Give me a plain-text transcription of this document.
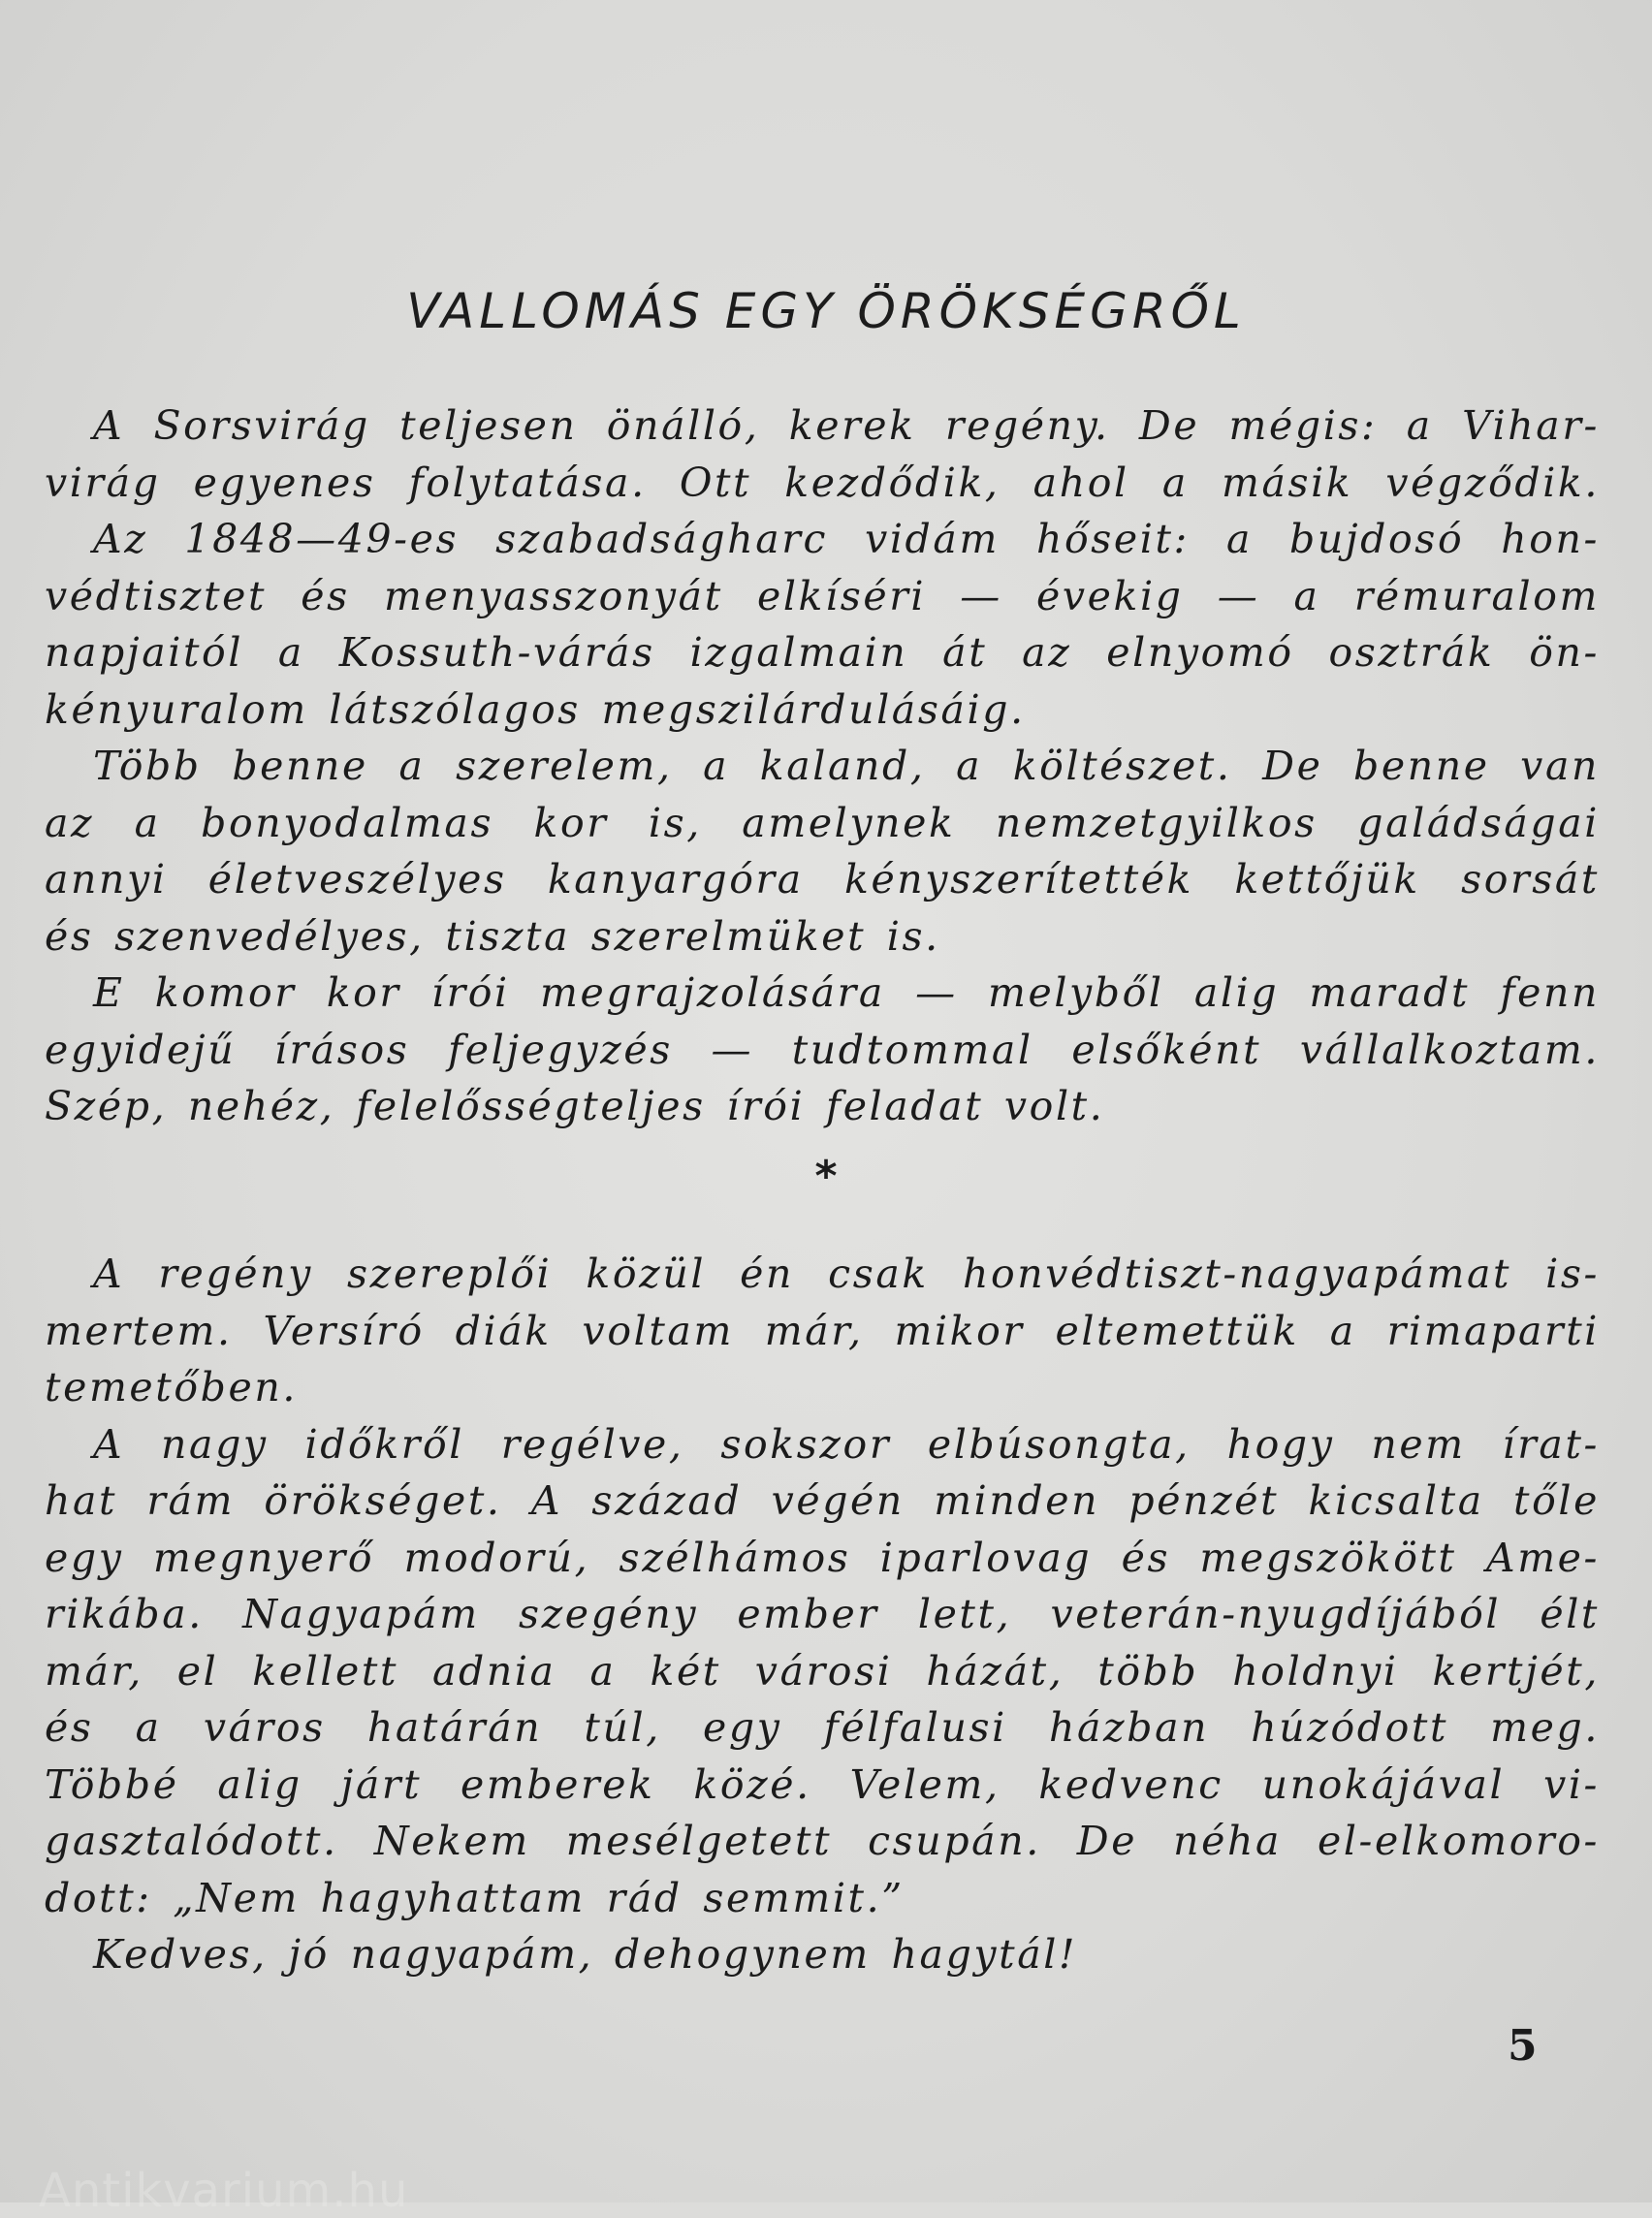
VALLOMÁS EGY ÖRÖKSÉGRŐL
A Sorsvirág teljesen önálló, kerek regény. De mégis: a Vihar-
virág egyenes folytatása. Ott kezdődik, ahol a másik végződik.
Az 1848—49-es szabadságharc vidám hőseit: a bujdosó hon-
védtisztet és menyasszonyát elkíséri — évekig — a rémuralom
napjaitól a Kossuth-várás izgalmain át az elnyomó osztrák ön-
kényuralom látszólagos megszilárdulásáig.
Több benne a szerelem, a kaland, a költészet. De benne van
az a bonyodalmas kor is, amelynek nemzetgyilkos galádságai
annyi életveszélyes kanyargóra kényszerítették kettőjük sorsát
és szenvedélyes, tiszta szerelmüket is.
E komor kor írói megrajzolására — melyből alig maradt fenn
egyidejű írásos feljegyzés — tudtommal elsőként vállalkoztam.
Szép, nehéz, felelősségteljes írói feladat volt.
*
A regény szereplői közül én csak honvédtiszt-nagyapámat is-
mertem. Versíró diák voltam már, mikor eltemettük a rimaparti
temetőben.
A nagy időkről regélve, sokszor elbúsongta, hogy nem írat-
hat rám örökséget. A század végén minden pénzét kicsalta tőle
egy megnyerő modorú, szélhámos iparlovag és megszökött Ame-
rikába. Nagyapám szegény ember lett, veterán-nyugdíjából élt
már, el kellett adnia a két városi házát, több holdnyi kertjét,
és a város határán túl, egy félfalusi házban húzódott meg.
Többé alig járt emberek közé. Velem, kedvenc unokájával vi-
gasztalódott. Nekem mesélgetett csupán. De néha el-elkomoro-
dott: „Nem hagyhattam rád semmit.”
Kedves, jó nagyapám, dehogynem hagytál!
5
Antikvarium.hu
